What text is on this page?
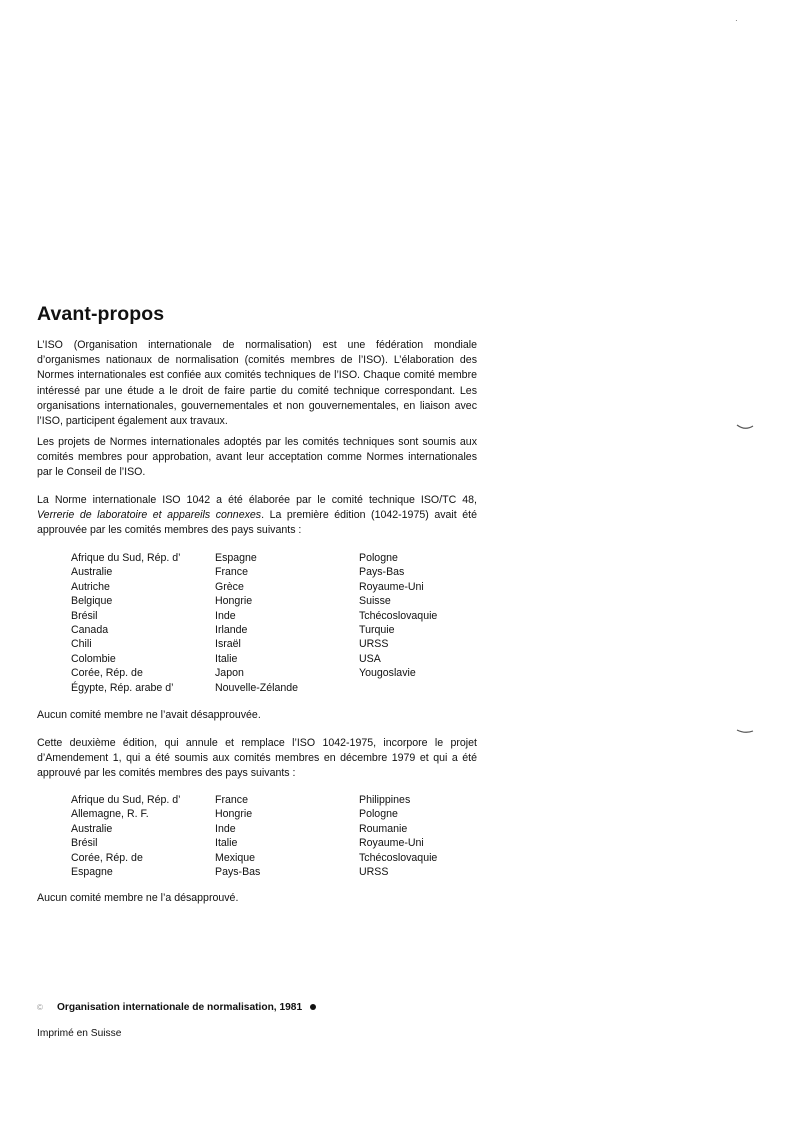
Avant-propos

L’ISO (Organisation internationale de normalisation) est une fédération mondiale d’organismes nationaux de normalisation (comités membres de l’ISO). L’élaboration des Normes internationales est confiée aux comités techniques de l’ISO. Chaque comité membre intéressé par une étude a le droit de faire partie du comité technique correspondant. Les organisations internationales, gouvernementales et non gouvernementales, en liaison avec l’ISO, participent également aux travaux.

Les projets de Normes internationales adoptés par les comités techniques sont soumis aux comités membres pour approbation, avant leur acceptation comme Normes internationales par le Conseil de l’ISO.

La Norme internationale ISO 1042 a été élaborée par le comité technique ISO/TC 48, Verrerie de laboratoire et appareils connexes. La première édition (1042-1975) avait été approuvée par les comités membres des pays suivants :

Afrique du Sud, Rép. d’	Espagne	Pologne
Australie	France	Pays-Bas
Autriche	Grèce	Royaume-Uni
Belgique	Hongrie	Suisse
Brésil	Inde	Tchécoslovaquie
Canada	Irlande	Turquie
Chili	Israël	URSS
Colombie	Italie	USA
Corée, Rép. de	Japon	Yougoslavie
Égypte, Rép. arabe d’	Nouvelle-Zélande

Aucun comité membre ne l’avait désapprouvée.

Cette deuxième édition, qui annule et remplace l’ISO 1042-1975, incorpore le projet d’Amendement 1, qui a été soumis aux comités membres en décembre 1979 et qui a été approuvé par les comités membres des pays suivants :

Afrique du Sud, Rép. d’	France	Philippines
Allemagne, R. F.	Hongrie	Pologne
Australie	Inde	Roumanie
Brésil	Italie	Royaume-Uni
Corée, Rép. de	Mexique	Tchécoslovaquie
Espagne	Pays-Bas	URSS

Aucun comité membre ne l’a désapprouvé.

© Organisation internationale de normalisation, 1981
Imprimé en Suisse
·
